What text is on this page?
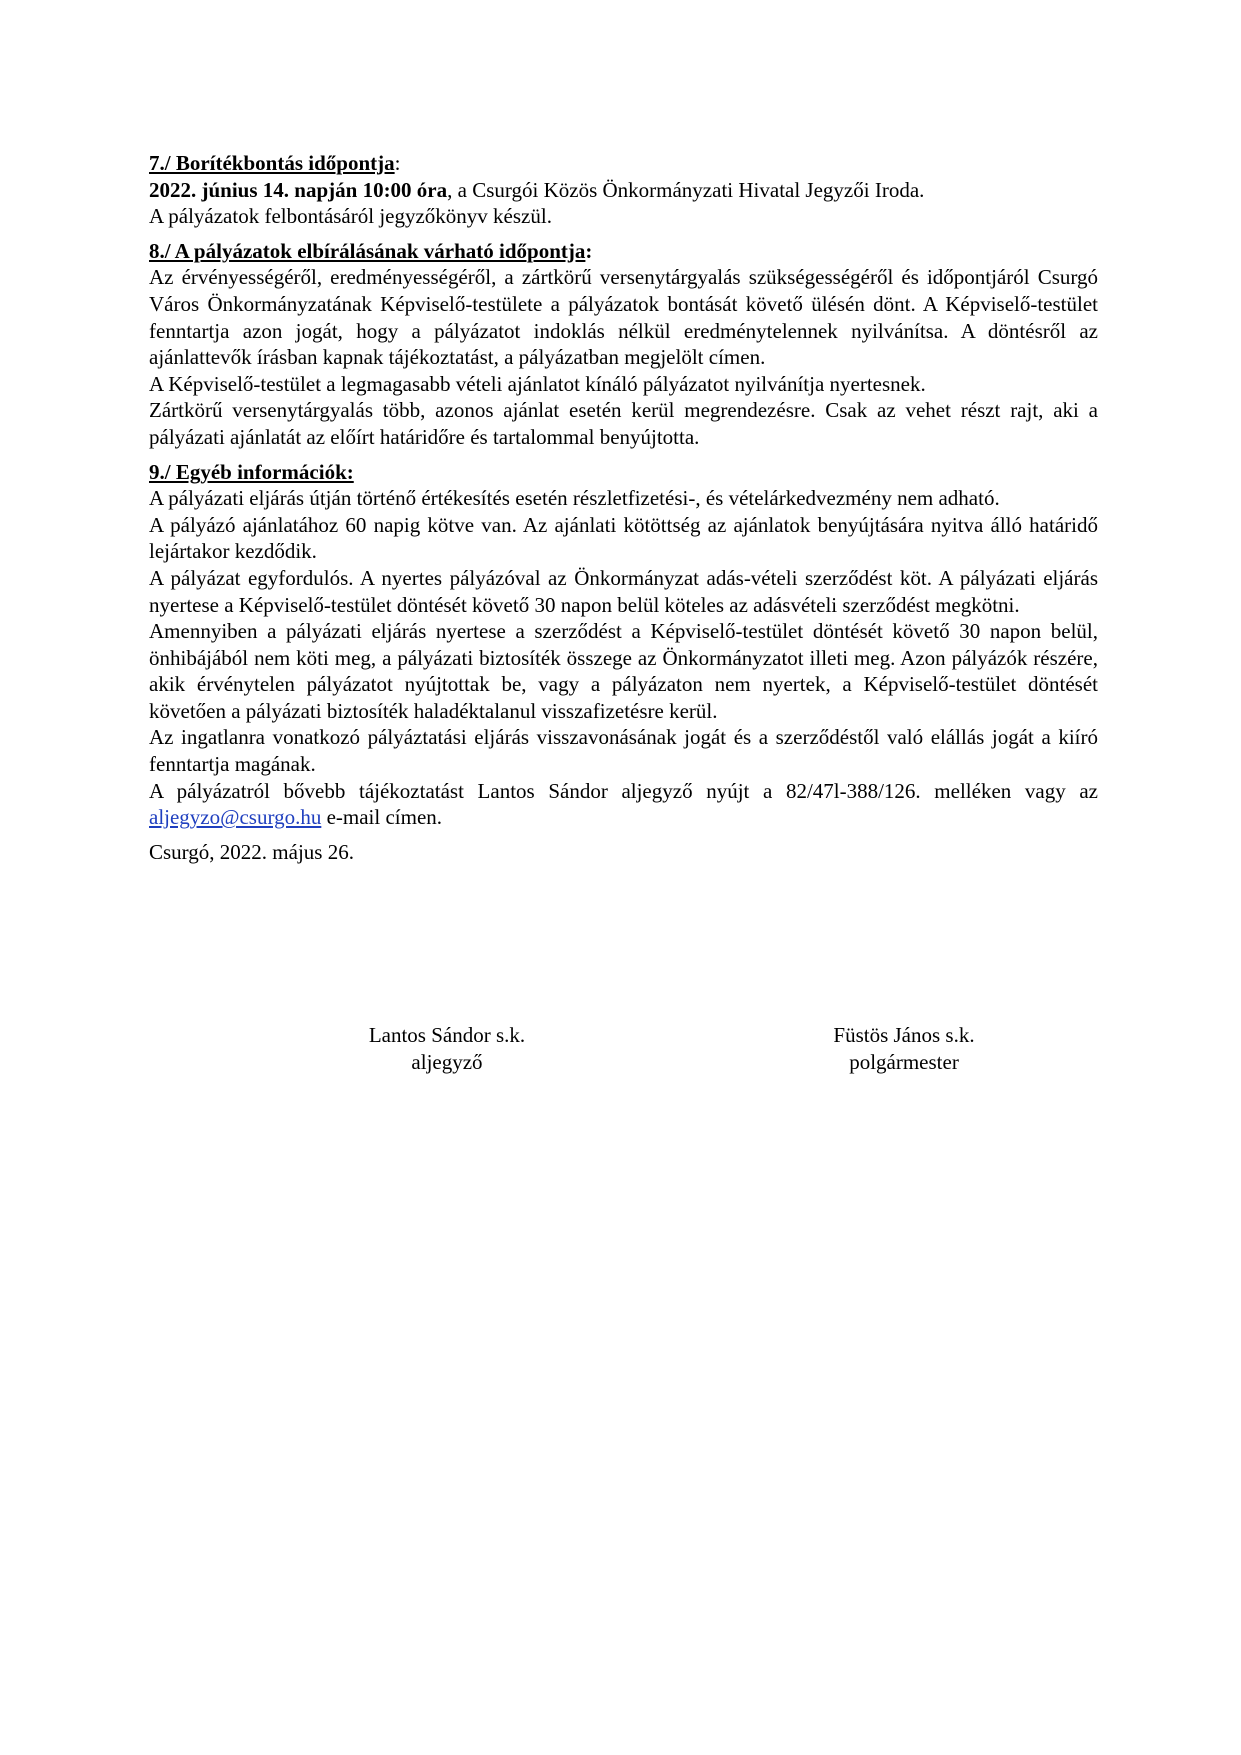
7./ Borítékbontás időpontja:

2022. június 14. napján 10:00 óra, a Csurgói Közös Önkormányzati Hivatal Jegyzői Iroda.

A pályázatok felbontásáról jegyzőkönyv készül.

8./ A pályázatok elbírálásának várható időpontja:

Az érvényességéről, eredményességéről, a zártkörű versenytárgyalás szükségességéről és időpontjáról Csurgó Város Önkormányzatának Képviselő-testülete a pályázatok bontását követő ülésén dönt. A Képviselő-testület fenntartja azon jogát, hogy a pályázatot indoklás nélkül eredménytelennek nyilvánítsa. A döntésről az ajánlattevők írásban kapnak tájékoztatást, a pályázatban megjelölt címen.

A Képviselő-testület a legmagasabb vételi ajánlatot kínáló pályázatot nyilvánítja nyertesnek.

Zártkörű versenytárgyalás több, azonos ajánlat esetén kerül megrendezésre. Csak az vehet részt rajt, aki a pályázati ajánlatát az előírt határidőre és tartalommal benyújtotta.

9./ Egyéb információk:

A pályázati eljárás útján történő értékesítés esetén részletfizetési-, és vételárkedvezmény nem adható.

A pályázó ajánlatához 60 napig kötve van. Az ajánlati kötöttség az ajánlatok benyújtására nyitva álló határidő lejártakor kezdődik.

A pályázat egyfordulós. A nyertes pályázóval az Önkormányzat adás-vételi szerződést köt. A pályázati eljárás nyertese a Képviselő-testület döntését követő 30 napon belül köteles az adásvételi szerződést megkötni.

Amennyiben a pályázati eljárás nyertese a szerződést a Képviselő-testület döntését követő 30 napon belül, önhibájából nem köti meg, a pályázati biztosíték összege az Önkormányzatot illeti meg. Azon pályázók részére, akik érvénytelen pályázatot nyújtottak be, vagy a pályázaton nem nyertek, a Képviselő-testület döntését követően a pályázati biztosíték haladéktalanul visszafizetésre kerül.

Az ingatlanra vonatkozó pályáztatási eljárás visszavonásának jogát és a szerződéstől való elállás jogát a kiíró fenntartja magának.

A pályázatról bővebb tájékoztatást Lantos Sándor aljegyző nyújt a 82/47l-388/126. melléken vagy az aljegyzo@csurgo.hu e-mail címen.

Csurgó, 2022. május 26.

Lantos Sándor s.k.
aljegyző
Füstös János s.k.
polgármester
